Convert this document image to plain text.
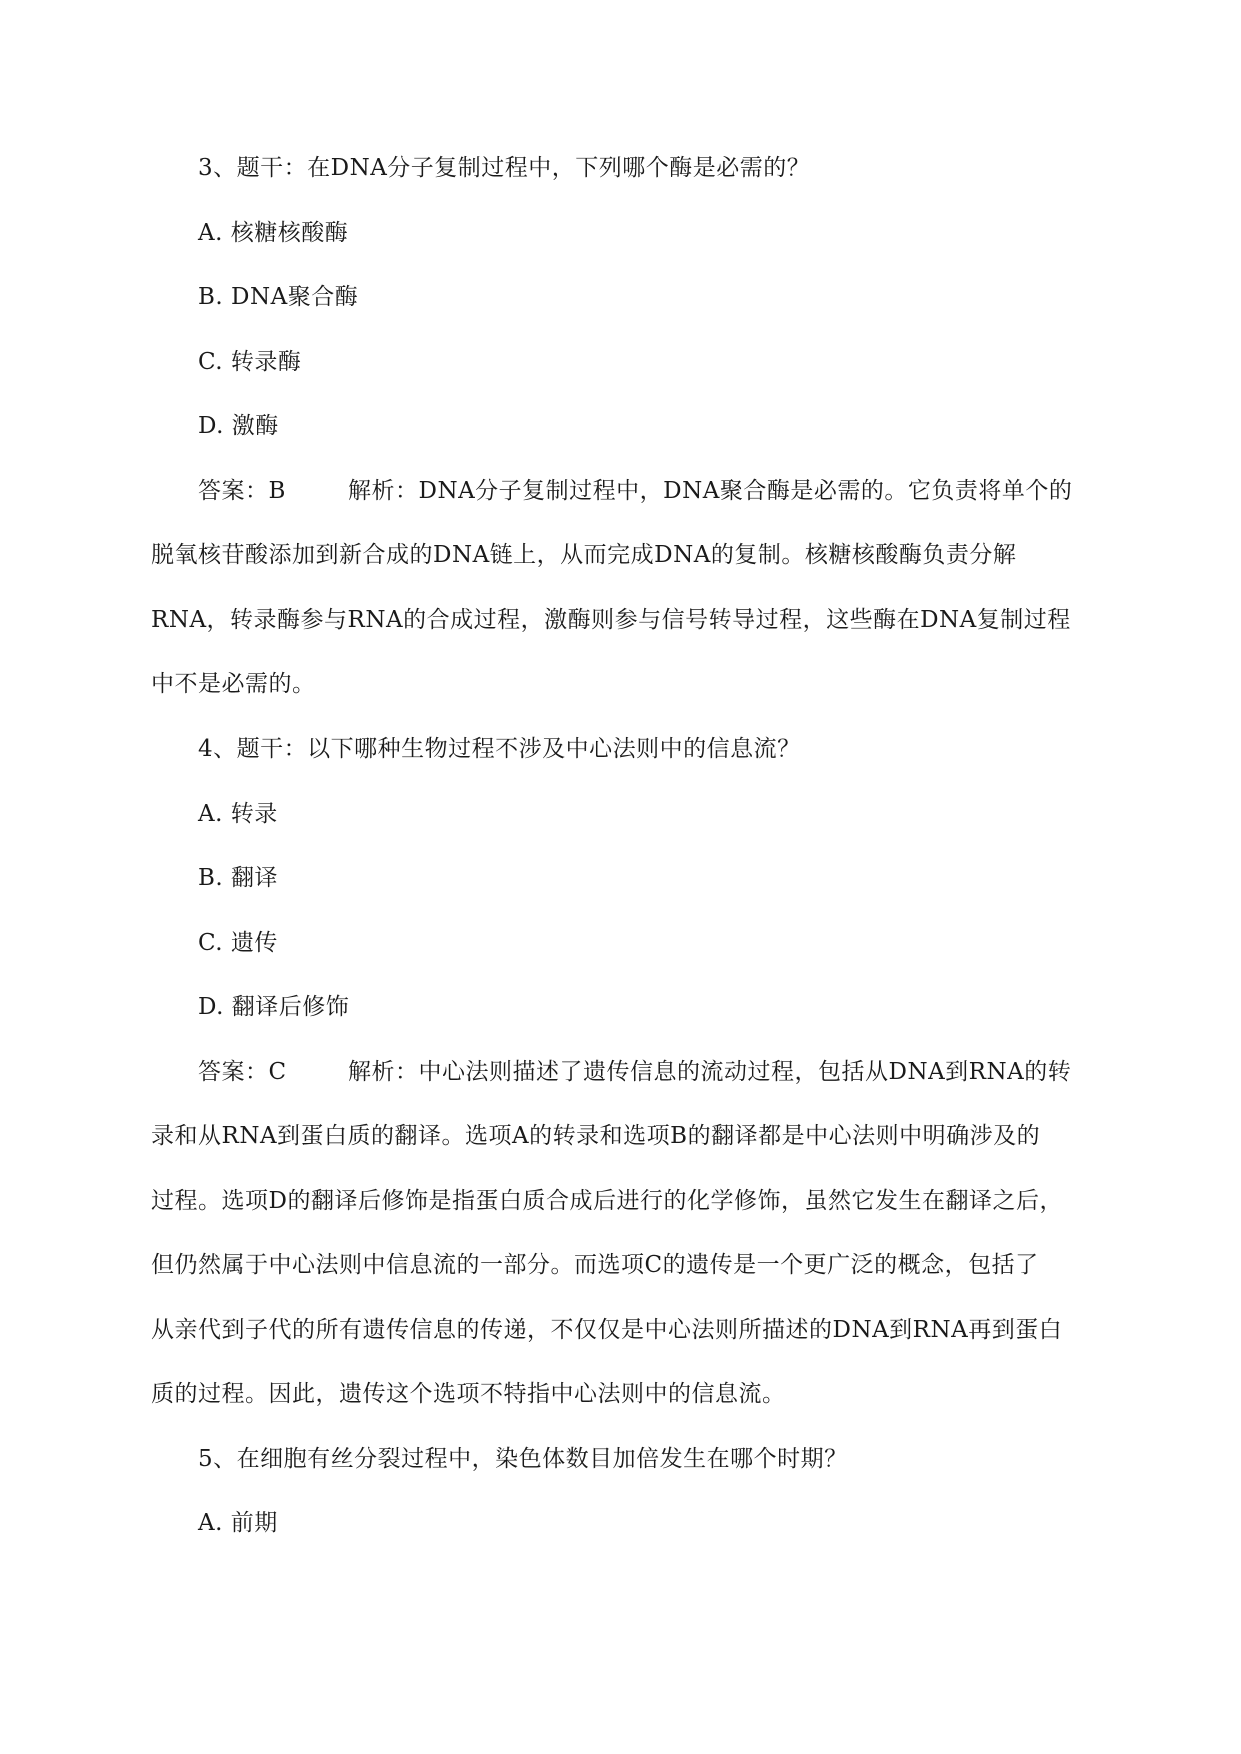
3、题干：在DNA分子复制过程中，下列哪个酶是必需的？
A. 核糖核酸酶
B. DNA聚合酶
C. 转录酶
D. 激酶
答案：B	解析：DNA分子复制过程中，DNA聚合酶是必需的。它负责将单个的
脱氧核苷酸添加到新合成的DNA链上，从而完成DNA的复制。核糖核酸酶负责分解
RNA，转录酶参与RNA的合成过程，激酶则参与信号转导过程，这些酶在DNA复制过程
中不是必需的。
4、题干：以下哪种生物过程不涉及中心法则中的信息流？
A. 转录
B. 翻译
C. 遗传
D. 翻译后修饰
答案：C	解析：中心法则描述了遗传信息的流动过程，包括从DNA到RNA的转
录和从RNA到蛋白质的翻译。选项A的转录和选项B的翻译都是中心法则中明确涉及的
过程。选项D的翻译后修饰是指蛋白质合成后进行的化学修饰，虽然它发生在翻译之后，
但仍然属于中心法则中信息流的一部分。而选项C的遗传是一个更广泛的概念，包括了
从亲代到子代的所有遗传信息的传递，不仅仅是中心法则所描述的DNA到RNA再到蛋白
质的过程。因此，遗传这个选项不特指中心法则中的信息流。
5、在细胞有丝分裂过程中，染色体数目加倍发生在哪个时期？
A. 前期
